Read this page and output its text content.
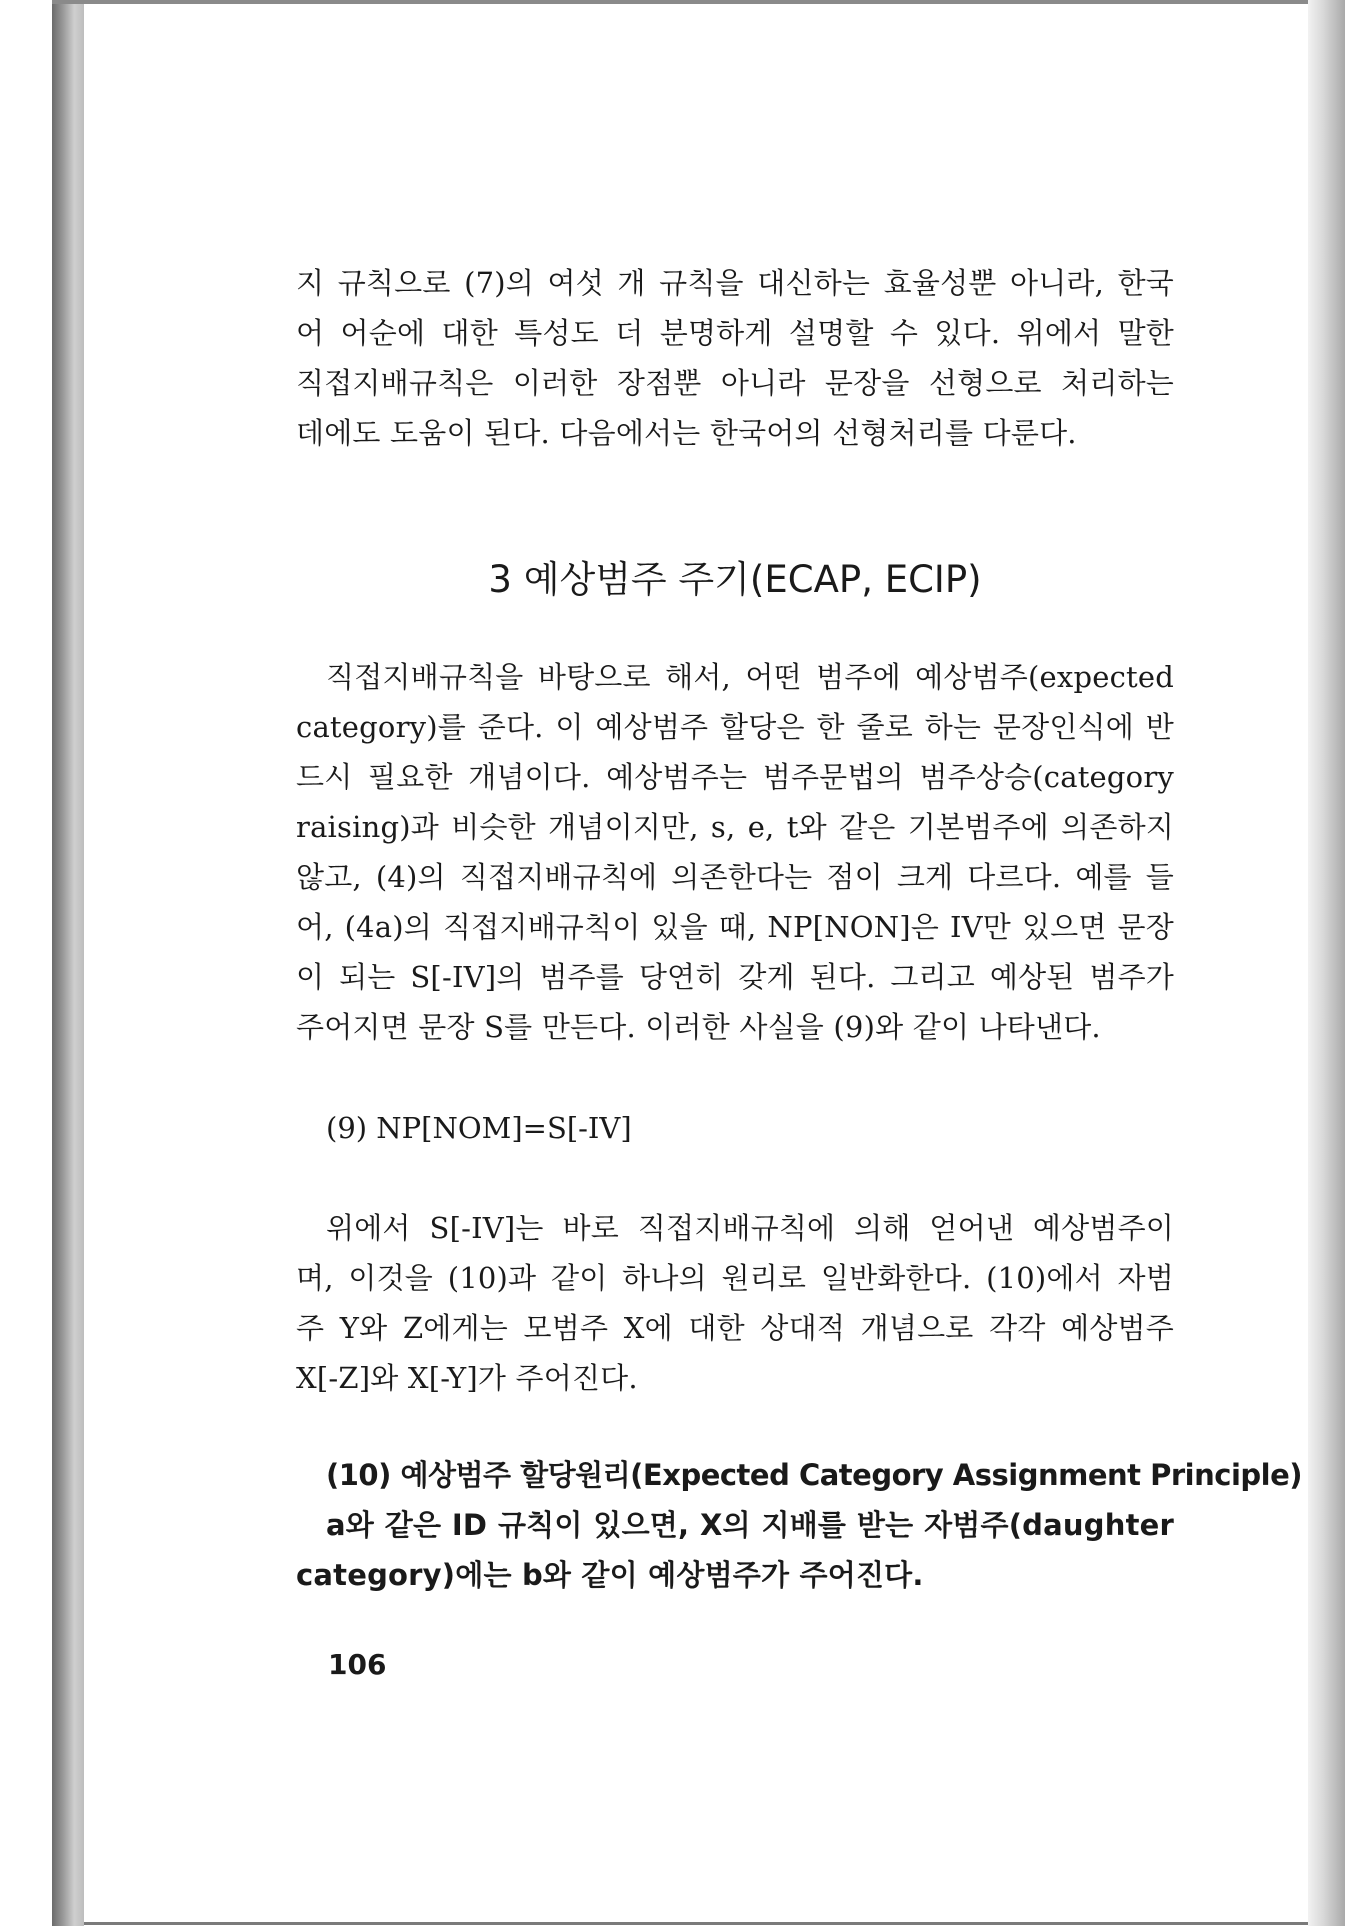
지 규칙으로 (7)의 여섯 개 규칙을 대신하는 효율성뿐 아니라, 한국
어 어순에 대한 특성도 더 분명하게 설명할 수 있다. 위에서 말한
직접지배규칙은 이러한 장점뿐 아니라 문장을 선형으로 처리하는
데에도 도움이 된다. 다음에서는 한국어의 선형처리를 다룬다.
3 예상범주 주기(ECAP, ECIP)
직접지배규칙을 바탕으로 해서, 어떤 범주에 예상범주(expected
category)를 준다. 이 예상범주 할당은 한 줄로 하는 문장인식에 반
드시 필요한 개념이다. 예상범주는 범주문법의 범주상승(category
raising)과 비슷한 개념이지만, s, e, t와 같은 기본범주에 의존하지
않고, (4)의 직접지배규칙에 의존한다는 점이 크게 다르다. 예를 들
어, (4a)의 직접지배규칙이 있을 때, NP[NON]은 IV만 있으면 문장
이 되는 S[-IV]의 범주를 당연히 갖게 된다. 그리고 예상된 범주가
주어지면 문장 S를 만든다. 이러한 사실을 (9)와 같이 나타낸다.
(9) NP[NOM]=S[-IV]
위에서 S[-IV]는 바로 직접지배규칙에 의해 얻어낸 예상범주이
며, 이것을 (10)과 같이 하나의 원리로 일반화한다. (10)에서 자범
주 Y와 Z에게는 모범주 X에 대한 상대적 개념으로 각각 예상범주
X[-Z]와 X[-Y]가 주어진다.
(10) 예상범주 할당원리(Expected Category Assignment Principle)
a와 같은 ID 규칙이 있으면, X의 지배를 받는 자범주(daughter
category)에는 b와 같이 예상범주가 주어진다.
106
